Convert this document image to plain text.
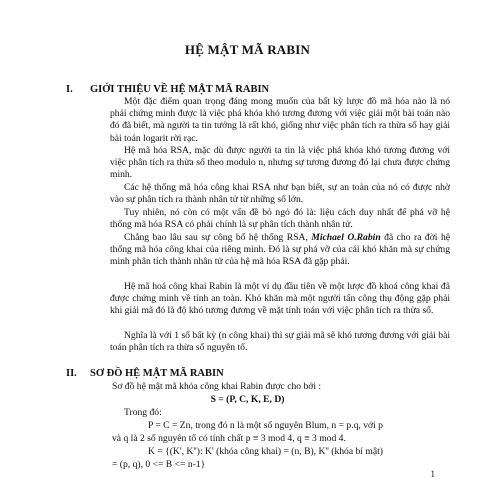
HỆ MẬT MÃ RABIN
I. GIỚI THIỆU VỀ HỆ MẬT MÃ RABIN

Một đặc điểm quan trọng đáng mong muốn của bất kỳ lược đồ mã hóa nào là nó phải chứng minh được là việc phá khóa khó tương đương với việc giải một bài toán nào đó đã biết, mà người ta tin tưởng là rất khó, giống như việc phân tích ra thừa số hay giải bài toán logarit rời rạc.

Hệ mã hóa RSA, mặc dù được người ta tin là việc phá khóa khó tương đương với việc phân tích ra thừa số theo modulo n, nhưng sự tương đương đó lại chưa được chứng minh.

Các hệ thống mã hóa công khai RSA như bạn biết, sự an toàn của nó có được nhờ vào sự phân tích ra thành nhân tử từ những số lớn.

Tuy nhiên, nó còn có một vấn đề bỏ ngỏ đó là: liệu cách duy nhất để phá vỡ hệ thống mã hóa RSA có phải chính là sự phân tích thành nhân tử.

Chẳng bao lâu sau sự công bố hệ thống RSA, Michael O.Rabin đã cho ra đời hệ thống mã hóa công khai của riêng mình. Đó là sự phá vỡ của cái khó khăn mà sự chứng minh phân tích thành nhân tử của hệ mã hóa RSA đã gặp phải.

Hệ mã hoá công khai Rabin là một ví dụ đầu tiên về một lược đồ khoá công khai đã được chứng minh về tính an toàn. Khó khăn mà một người tấn công thụ động gặp phải khi giải mã đó là độ khó tương đương về mặt tính toán với việc phân tích ra thừa số.

Nghĩa là với 1 số bất kỳ (n công khai) thì sự giải mã sẽ khó tương đương với giải bài toán phân tích ra thừa số nguyên tố.

II. SƠ ĐỒ HỆ MẬT MÃ RABIN
Sơ đồ hệ mật mã khóa công khai Rabin được cho bởi :
S = (P, C, K, E, D)
Trong đó:
P = C = Zn, trong đó n là một số nguyên Blum, n = p.q, với p
và q là 2 số nguyên tố có tính chất p ≡ 3 mod 4, q ≡ 3 mod 4.
K = {(K', K''): K' (khóa công khai) = (n, B), K'' (khóa bí mật)
= (p, q), 0 <= B <= n-1}
1
